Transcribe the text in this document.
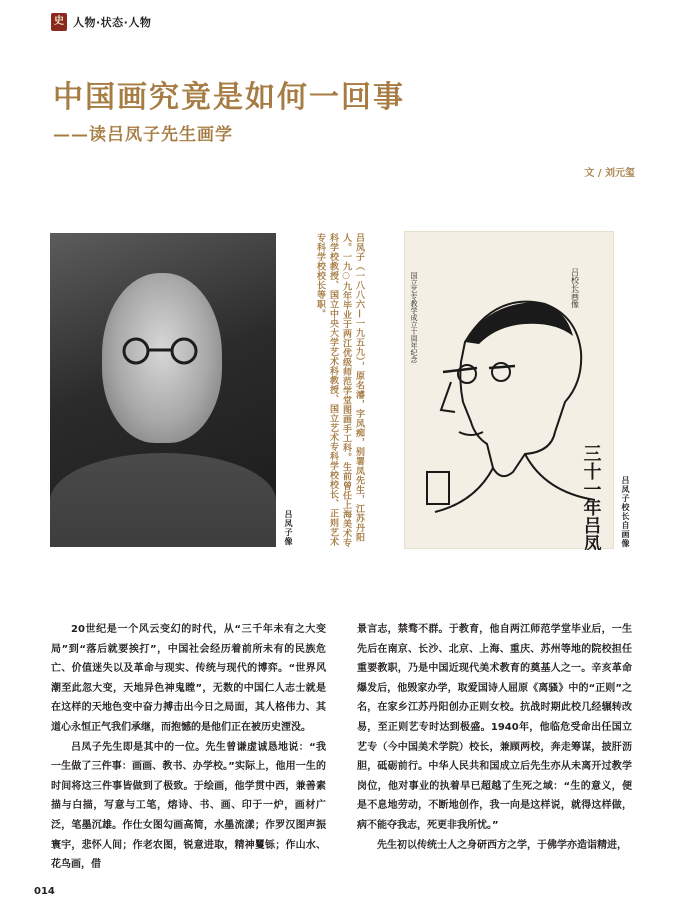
史 人物·状态·人物
中国画究竟是如何一回事
——读吕凤子先生画学
文 / 刘元玺
吕凤子像	吕凤子（一八八六—一九五九），原名濬，字凤痴，别署凤先生，江苏丹阳人。一九○九年毕业于两江优级师范学堂图画手工科。生前曾任上海美术专科学校教授、国立中央大学艺术科教授、国立艺术专科学校校长、正则艺术专科学校校长等职。	国立艺专教学成立十周年纪念	吕校长画像
三十一年吕凤子先生自写 吕凤子校长自画像

20世纪是一个风云变幻的时代，从“三千年未有之大变局”到“落后就要挨打”，中国社会经历着前所未有的民族危亡、价值迷失以及革命与现实、传统与现代的博弈。“世界风潮至此忽大变，天地异色神鬼瞠”，无数的中国仁人志士就是在这样的天地色变中奋力搏击出今日之局面，其人格伟力、其道心永恒正气我们承继，而抱憾的是他们正在被历史湮没。

吕凤子先生即是其中的一位。先生曾谦虚诚恳地说：“我一生做了三件事：画画、教书、办学校。”实际上，他用一生的时间将这三件事皆做到了极致。于绘画，他学贯中西，兼善素描与白描，写意与工笔，熔诗、书、画、印于一炉，画材广泛，笔墨沉雄。作仕女图勾画高简，水墨流漾；作罗汉图声振寰宇，悲怀人间；作老农图，锐意进取，精神矍铄；作山水、花鸟画，借

景言志，禁骛不群。于教育，他自两江师范学堂毕业后，一生先后在南京、长沙、北京、上海、重庆、苏州等地的院校担任重要教职，乃是中国近现代美术教育的奠基人之一。辛亥革命爆发后，他毁家办学，取爱国诗人屈原《离骚》中的“正则”之名，在家乡江苏丹阳创办正则女校。抗战时期此校几经辗转改易，至正则艺专时达到极盛。1940年，他临危受命出任国立艺专（今中国美术学院）校长，兼顾两校，奔走筹谋，披肝沥胆，砥砺前行。中华人民共和国成立后先生亦从未离开过教学岗位，他对事业的执着早已超越了生死之域：“生的意义，便是不息地劳动，不断地创作，我一向是这样说，就得这样做，病不能夺我志，死更非我所忧。”

先生初以传统士人之身研西方之学，于佛学亦造诣精进，

014
